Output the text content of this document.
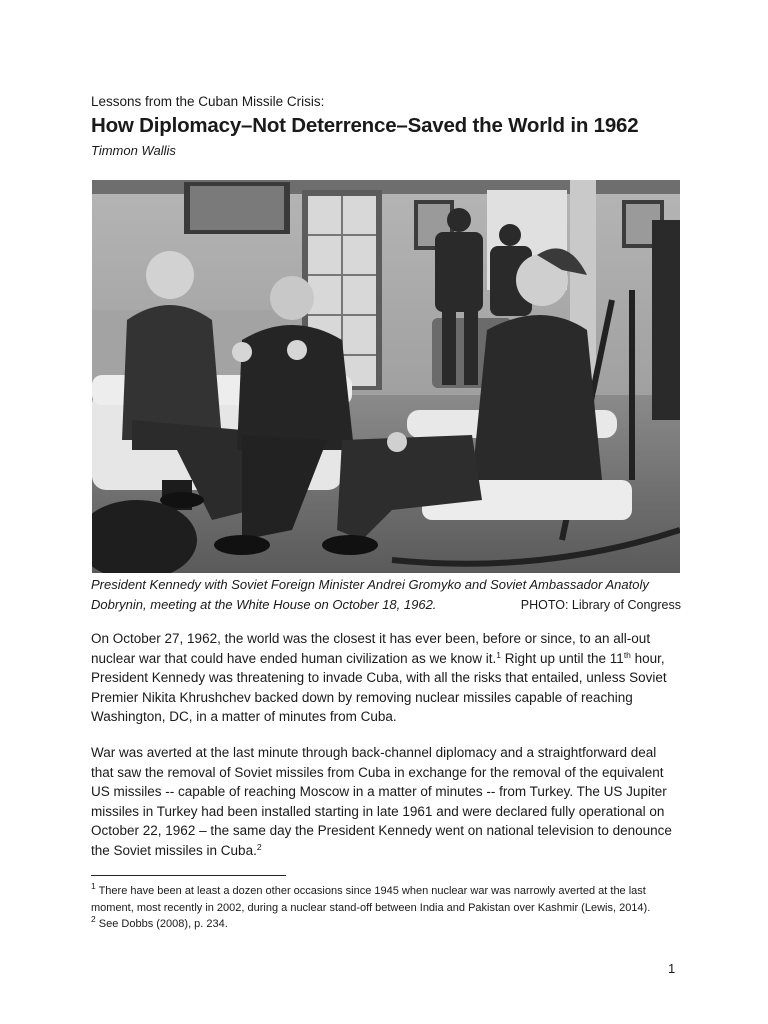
Lessons from the Cuban Missile Crisis:
How Diplomacy–Not Deterrence–Saved the World in 1962
Timmon Wallis
President Kennedy with Soviet Foreign Minister Andrei Gromyko and Soviet Ambassador Anatoly Dobrynin, meeting at the White House on October 18, 1962.	PHOTO: Library of Congress

On October 27, 1962, the world was the closest it has ever been, before or since, to an all-out nuclear war that could have ended human civilization as we know it.$^1$ Right up until the 11th hour, President Kennedy was threatening to invade Cuba, with all the risks that entailed, unless Soviet Premier Nikita Khrushchev backed down by removing nuclear missiles capable of reaching Washington, DC, in a matter of minutes from Cuba.

War was averted at the last minute through back-channel diplomacy and a straightforward deal that saw the removal of Soviet missiles from Cuba in exchange for the removal of the equivalent US missiles -- capable of reaching Moscow in a matter of minutes -- from Turkey. The US Jupiter missiles in Turkey had been installed starting in late 1961 and were declared fully operational on October 22, 1962 – the same day the President Kennedy went on national television to denounce the Soviet missiles in Cuba.$^2$

$^1$ There have been at least a dozen other occasions since 1945 when nuclear war was narrowly averted at the last moment, most recently in 2002, during a nuclear stand-off between India and Pakistan over Kashmir (Lewis, 2014).

$^2$ See Dobbs (2008), p. 234.

1
